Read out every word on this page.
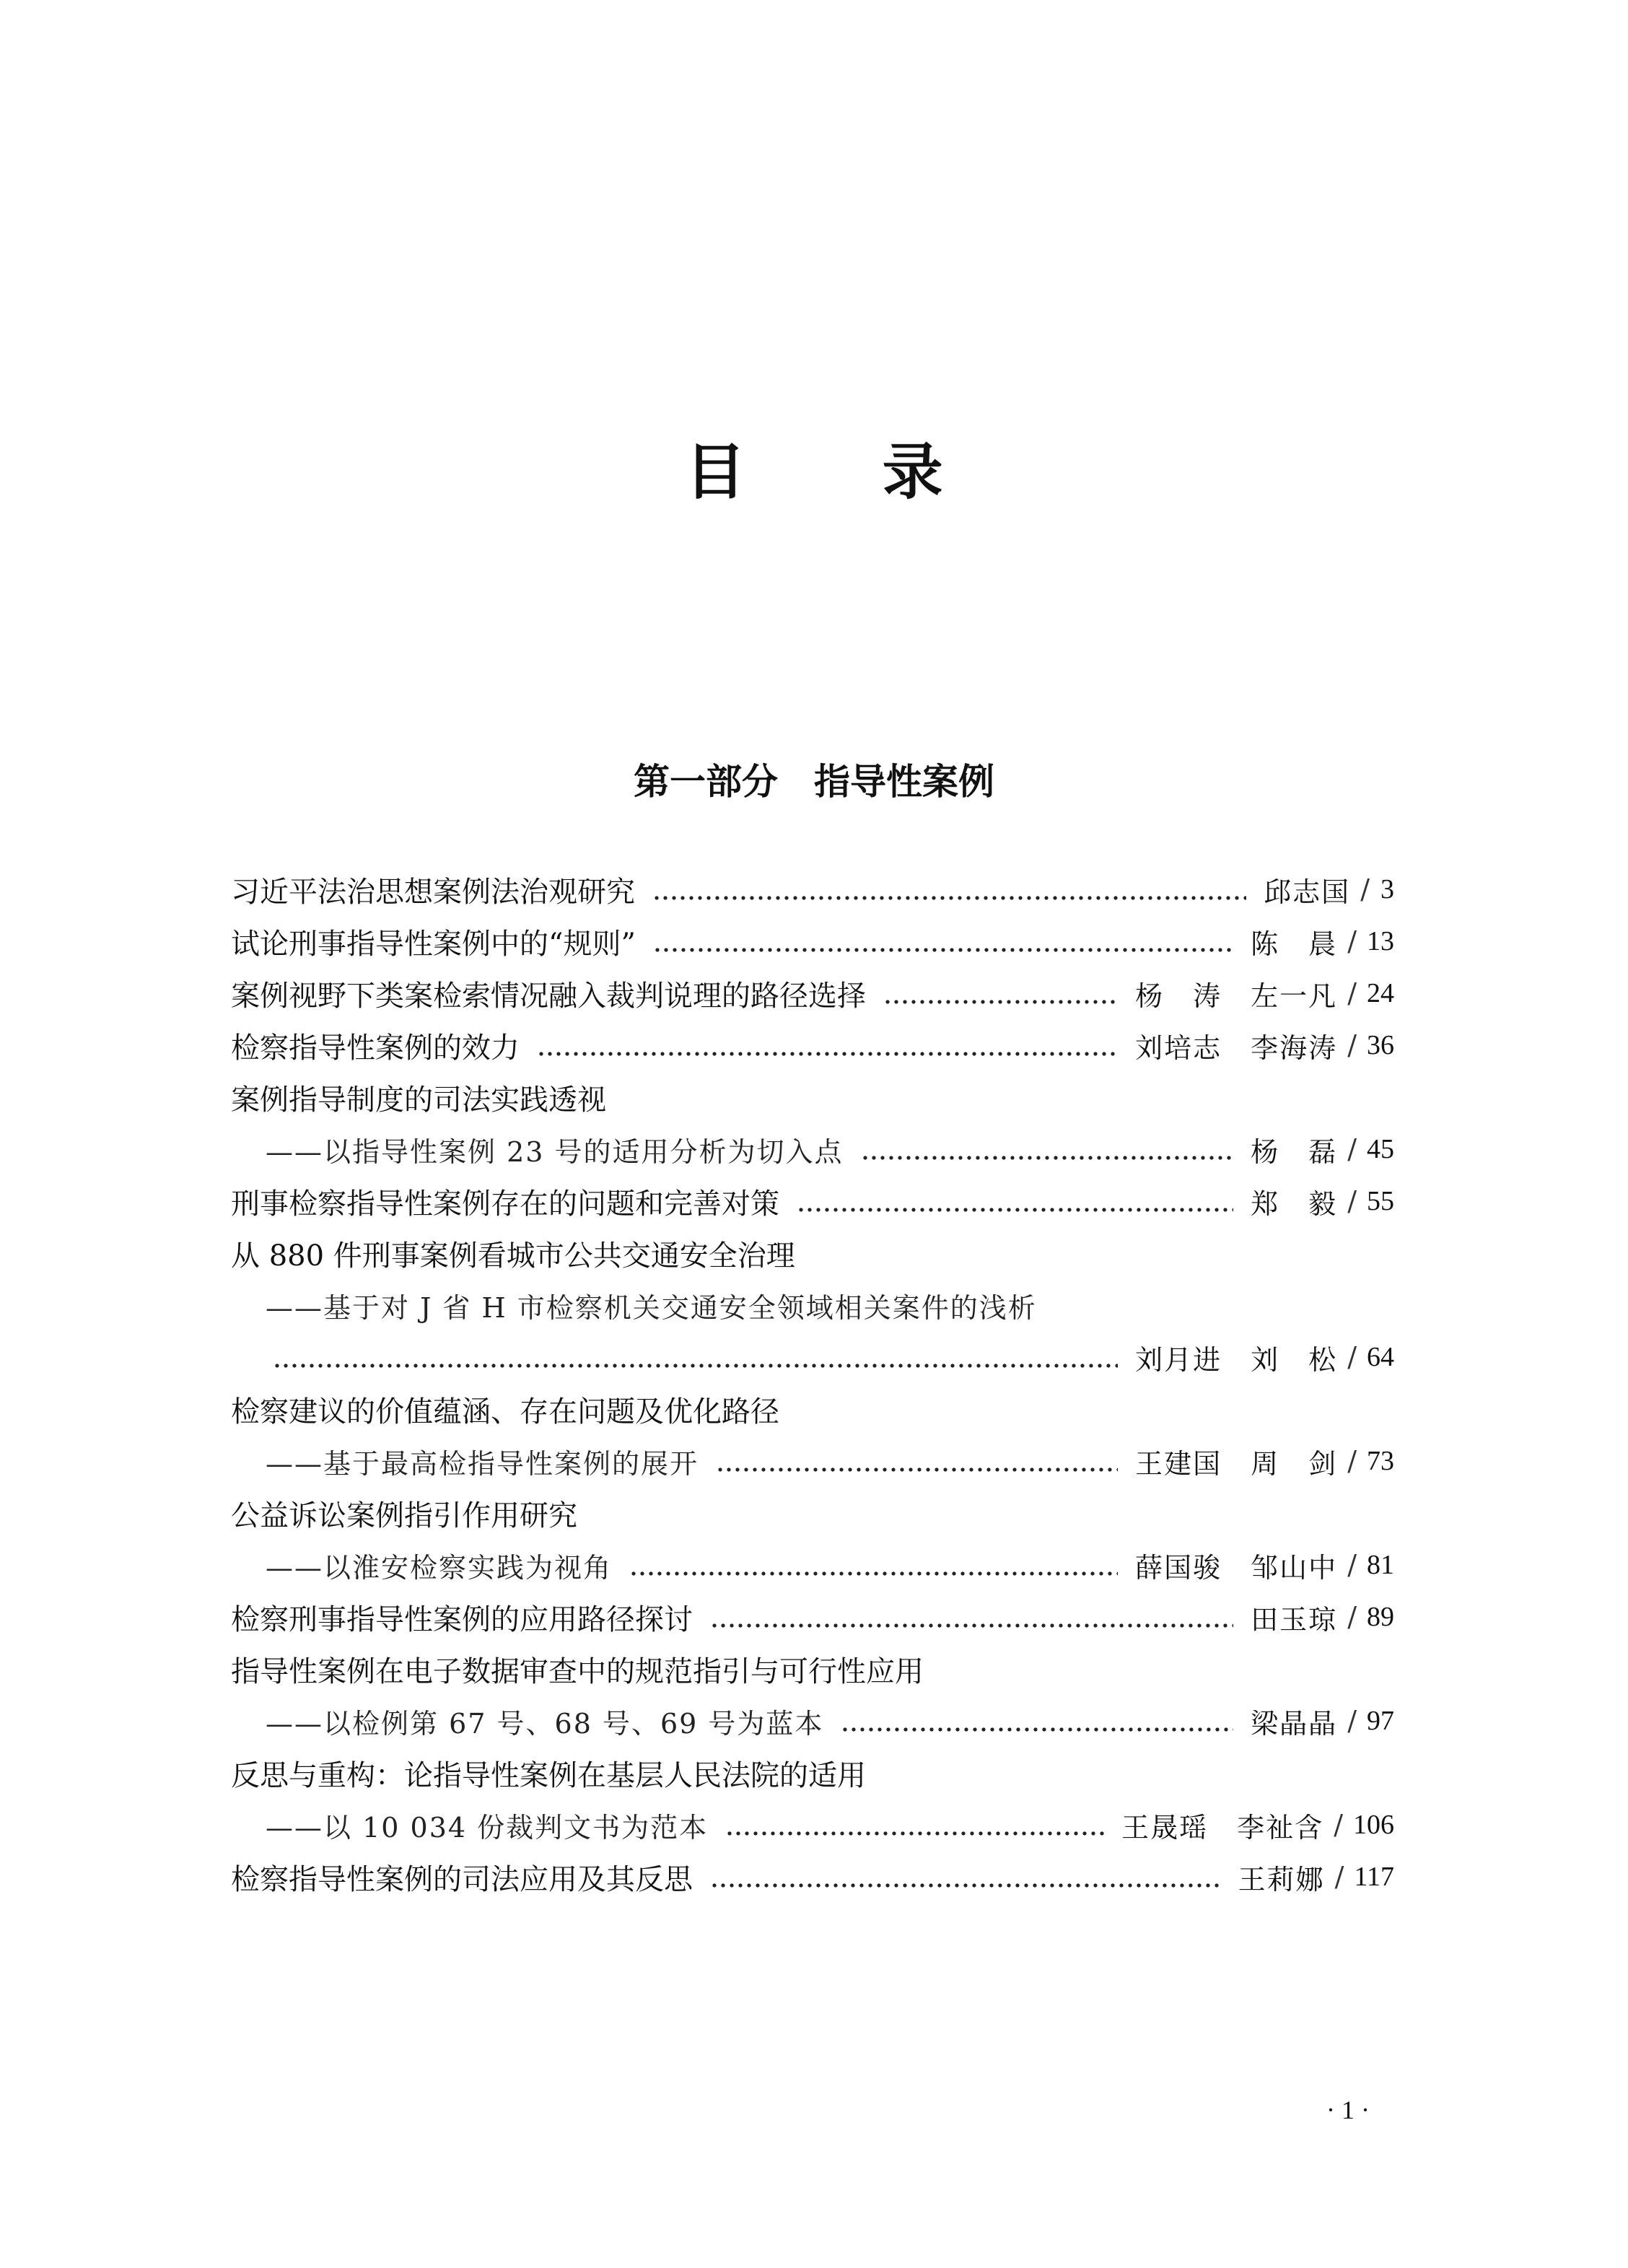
目 录
第一部分　指导性案例
习近平法治思想案例法治观研究	邱志国 / 3
试论刑事指导性案例中的“规则”	陈　晨 / 13
案例视野下类案检索情况融入裁判说理的路径选择	杨　涛　左一凡 / 24
检察指导性案例的效力	刘培志　李海涛 / 36
案例指导制度的司法实践透视
——以指导性案例 23 号的适用分析为切入点	杨　磊 / 45
刑事检察指导性案例存在的问题和完善对策	郑　毅 / 55
从 880 件刑事案例看城市公共交通安全治理
——基于对 J 省 H 市检察机关交通安全领域相关案件的浅析
刘月进　刘　松 / 64
检察建议的价值蕴涵、存在问题及优化路径
——基于最高检指导性案例的展开	王建国　周　剑 / 73
公益诉讼案例指引作用研究
——以淮安检察实践为视角	薛国骏　邹山中 / 81
检察刑事指导性案例的应用路径探讨	田玉琼 / 89
指导性案例在电子数据审查中的规范指引与可行性应用
——以检例第 67 号、68 号、69 号为蓝本	梁晶晶 / 97
反思与重构：论指导性案例在基层人民法院的适用
——以 10 034 份裁判文书为范本	王晟瑶　李祉含 / 106
检察指导性案例的司法应用及其反思	王莉娜 / 117
· 1 ·
